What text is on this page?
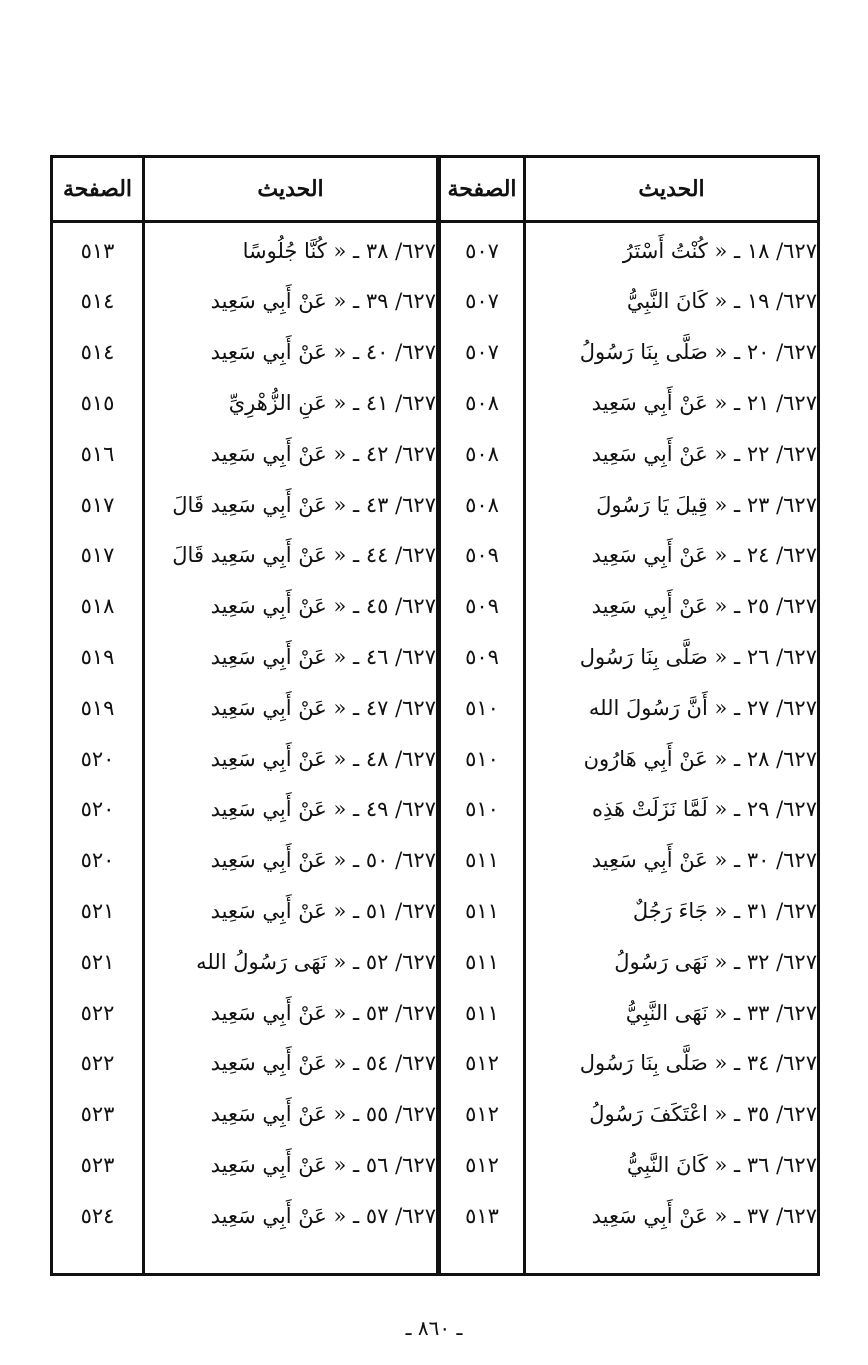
الحديث
الصفحة
الحديث
الصفحة
٦٢٧/ ١٨ ـ « كُنْتُ أَسْتَرُ
٥٠٧
٦٢٧/ ١٩ ـ « كَانَ النَّبِيُّ
٥٠٧
٦٢٧/ ٢٠ ـ « صَلَّى بِنَا رَسُولُ
٥٠٧
٦٢٧/ ٢١ ـ « عَنْ أَبِي سَعِيد
٥٠٨
٦٢٧/ ٢٢ ـ « عَنْ أَبِي سَعِيد
٥٠٨
٦٢٧/ ٢٣ ـ « قِيلَ يَا رَسُولَ
٥٠٨
٦٢٧/ ٢٤ ـ « عَنْ أَبِي سَعِيد
٥٠٩
٦٢٧/ ٢٥ ـ « عَنْ أَبِي سَعِيد
٥٠٩
٦٢٧/ ٢٦ ـ « صَلَّى بِنَا رَسُول
٥٠٩
٦٢٧/ ٢٧ ـ « أَنَّ رَسُولَ الله
٥١٠
٦٢٧/ ٢٨ ـ « عَنْ أَبِي هَارُون
٥١٠
٦٢٧/ ٢٩ ـ « لَمَّا نَزَلَتْ هَذِه
٥١٠
٦٢٧/ ٣٠ ـ « عَنْ أَبِي سَعِيد
٥١١
٦٢٧/ ٣١ ـ « جَاءَ رَجُلٌ
٥١١
٦٢٧/ ٣٢ ـ « نَهَى رَسُولُ
٥١١
٦٢٧/ ٣٣ ـ « نَهَى النَّبِيُّ
٥١١
٦٢٧/ ٣٤ ـ « صَلَّى بِنَا رَسُول
٥١٢
٦٢٧/ ٣٥ ـ « اعْتَكَفَ رَسُولُ
٥١٢
٦٢٧/ ٣٦ ـ « كَانَ النَّبِيُّ
٥١٢
٦٢٧/ ٣٧ ـ « عَنْ أَبِي سَعِيد
٥١٣
٦٢٧/ ٣٨ ـ « كُنَّا جُلُوسًا
٥١٣
٦٢٧/ ٣٩ ـ « عَنْ أَبِي سَعِيد
٥١٤
٦٢٧/ ٤٠ ـ « عَنْ أَبِي سَعِيد
٥١٤
٦٢٧/ ٤١ ـ « عَنِ الزُّهْرِيِّ
٥١٥
٦٢٧/ ٤٢ ـ « عَنْ أَبِي سَعِيد
٥١٦
٦٢٧/ ٤٣ ـ « عَنْ أَبِي سَعِيد قَالَ
٥١٧
٦٢٧/ ٤٤ ـ « عَنْ أَبِي سَعِيد قَالَ
٥١٧
٦٢٧/ ٤٥ ـ « عَنْ أَبِي سَعِيد
٥١٨
٦٢٧/ ٤٦ ـ « عَنْ أَبِي سَعِيد
٥١٩
٦٢٧/ ٤٧ ـ « عَنْ أَبِي سَعِيد
٥١٩
٦٢٧/ ٤٨ ـ « عَنْ أَبِي سَعِيد
٥٢٠
٦٢٧/ ٤٩ ـ « عَنْ أَبِي سَعِيد
٥٢٠
٦٢٧/ ٥٠ ـ « عَنْ أَبِي سَعِيد
٥٢٠
٦٢٧/ ٥١ ـ « عَنْ أَبِي سَعِيد
٥٢١
٦٢٧/ ٥٢ ـ « نَهَى رَسُولُ الله
٥٢١
٦٢٧/ ٥٣ ـ « عَنْ أَبِي سَعِيد
٥٢٢
٦٢٧/ ٥٤ ـ « عَنْ أَبِي سَعِيد
٥٢٢
٦٢٧/ ٥٥ ـ « عَنْ أَبِي سَعِيد
٥٢٣
٦٢٧/ ٥٦ ـ « عَنْ أَبِي سَعِيد
٥٢٣
٦٢٧/ ٥٧ ـ « عَنْ أَبِي سَعِيد
٥٢٤
ـ ٨٦٠ ـ
